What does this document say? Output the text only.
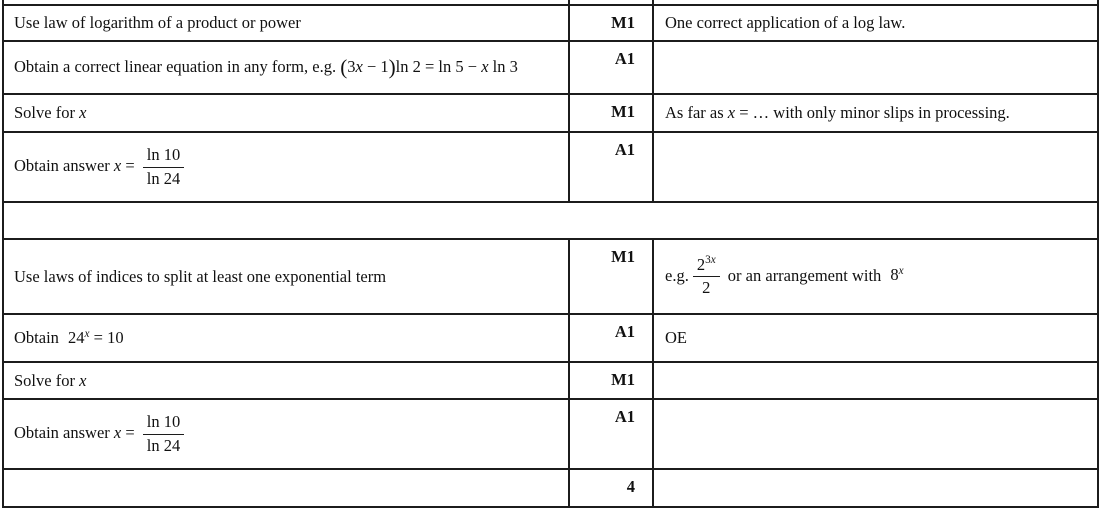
Use law of logarithm of a product or power	M1	One correct application of a log law.
Obtain a correct linear equation in any form, e.g. (3x − 1)ln 2 = ln 5 − x ln 3	A1	
Solve for x	M1	As far as x = … with only minor slips in processing.
Obtain answer $x = \frac{\ln 10}{\ln 24}$	A1	

Use laws of indices to split at least one exponential term	M1	e.g. $\frac{2^{3x}}{2}$ or an arrangement with 8$^x$
Obtain $24^x = 10$	A1	OE
Solve for x	M1	
Obtain answer $x = \frac{\ln 10}{\ln 24}$	A1	
	4	
